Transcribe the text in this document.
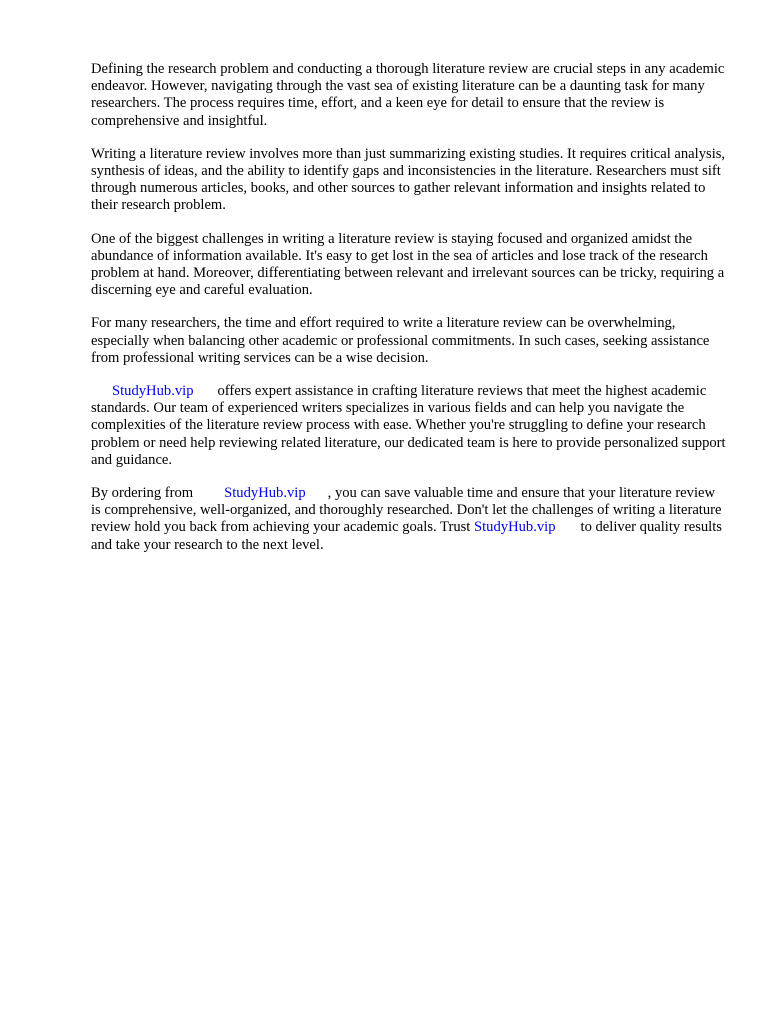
Defining the research problem and conducting a thorough literature review are crucial steps in any academic endeavor. However, navigating through the vast sea of existing literature can be a daunting task for many researchers. The process requires time, effort, and a keen eye for detail to ensure that the review is comprehensive and insightful.

Writing a literature review involves more than just summarizing existing studies. It requires critical analysis, synthesis of ideas, and the ability to identify gaps and inconsistencies in the literature. Researchers must sift through numerous articles, books, and other sources to gather relevant information and insights related to their research problem.

One of the biggest challenges in writing a literature review is staying focused and organized amidst the abundance of information available. It's easy to get lost in the sea of articles and lose track of the research problem at hand. Moreover, differentiating between relevant and irrelevant sources can be tricky, requiring a discerning eye and careful evaluation.

For many researchers, the time and effort required to write a literature review can be overwhelming, especially when balancing other academic or professional commitments. In such cases, seeking assistance from professional writing services can be a wise decision.

StudyHub.vip offers expert assistance in crafting literature reviews that meet the highest academic standards. Our team of experienced writers specializes in various fields and can help you navigate the complexities of the literature review process with ease. Whether you're struggling to define your research problem or need help reviewing related literature, our dedicated team is here to provide personalized support and guidance.

By ordering from StudyHub.vip , you can save valuable time and ensure that your literature review is comprehensive, well-organized, and thoroughly researched. Don't let the challenges of writing a literature review hold you back from achieving your academic goals. Trust StudyHub.vip to deliver quality results and take your research to the next level.
